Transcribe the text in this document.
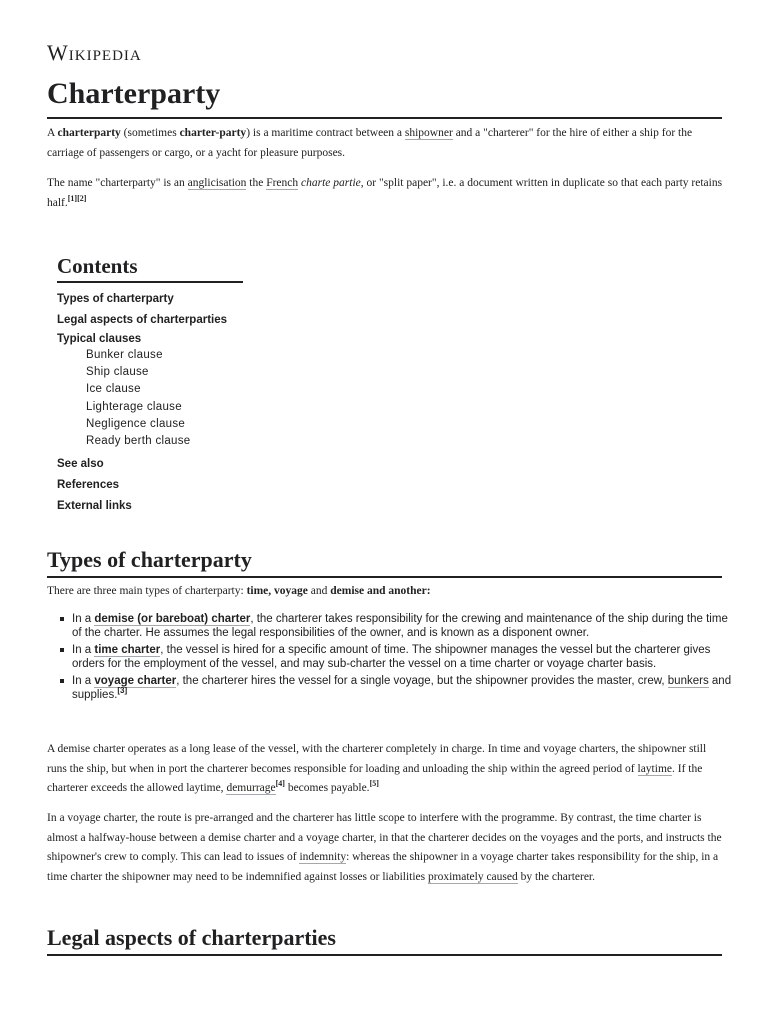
Wikipedia
Charterparty

A charterparty (sometimes charter-party) is a maritime contract between a shipowner and a "charterer" for the hire of either a ship for the carriage of passengers or cargo, or a yacht for pleasure purposes.

The name "charterparty" is an anglicisation the French charte partie, or "split paper", i.e. a document written in duplicate so that each party retains half.[1][2]

Contents
Types of charterparty
Legal aspects of charterparties
Typical clauses
Bunker clause
Ship clause
Ice clause
Lighterage clause
Negligence clause
Ready berth clause
See also
References
External links
Types of charterparty

There are three main types of charterparty: time, voyage and demise and another:

In a demise (or bareboat) charter, the charterer takes responsibility for the crewing and maintenance of the ship during the time of the charter. He assumes the legal responsibilities of the owner, and is known as a disponent owner.
In a time charter, the vessel is hired for a specific amount of time. The shipowner manages the vessel but the charterer gives orders for the employment of the vessel, and may sub-charter the vessel on a time charter or voyage charter basis.
In a voyage charter, the charterer hires the vessel for a single voyage, but the shipowner provides the master, crew, bunkers and supplies.[3]

A demise charter operates as a long lease of the vessel, with the charterer completely in charge. In time and voyage charters, the shipowner still runs the ship, but when in port the charterer becomes responsible for loading and unloading the ship within the agreed period of laytime. If the charterer exceeds the allowed laytime, demurrage[4] becomes payable.[5]

In a voyage charter, the route is pre-arranged and the charterer has little scope to interfere with the programme. By contrast, the time charter is almost a halfway-house between a demise charter and a voyage charter, in that the charterer decides on the voyages and the ports, and instructs the shipowner's crew to comply. This can lead to issues of indemnity: whereas the shipowner in a voyage charter takes responsibility for the ship, in a time charter the shipowner may need to be indemnified against losses or liabilities proximately caused by the charterer.

Legal aspects of charterparties
